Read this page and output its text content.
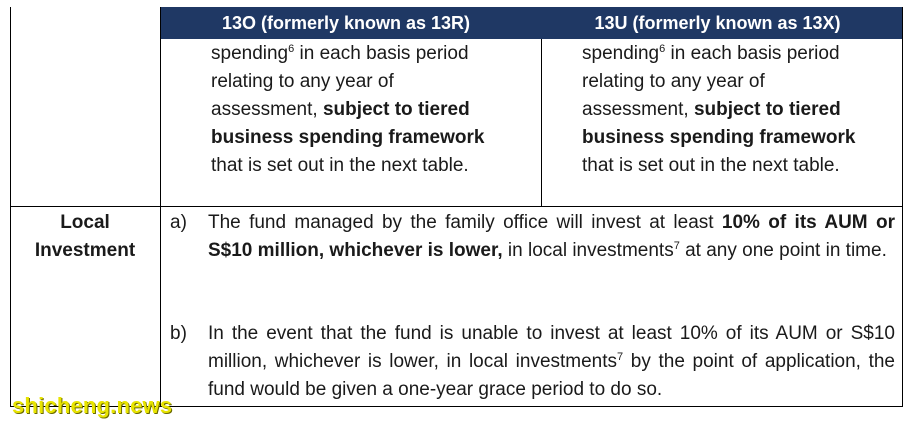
13O (formerly known as 13R)	13U (formerly known as 13X)
spending$^6$ in each basis period
relating to any year of
assessment, subject to tiered
business spending framework
that is set out in the next table.
spending$^6$ in each basis period
relating to any year of
assessment, subject to tiered
business spending framework
that is set out in the next table.
Local
Investment
a) The fund managed by the family office will invest at least 10% of its AUM or S$10 million, whichever is lower, in local investments$^7$ at any one point in time.
b) In the event that the fund is unable to invest at least 10% of its AUM or S$10 million, whichever is lower, in local investments$^7$ by the point of application, the fund would be given a one-year grace period to do so.
shicheng.news
